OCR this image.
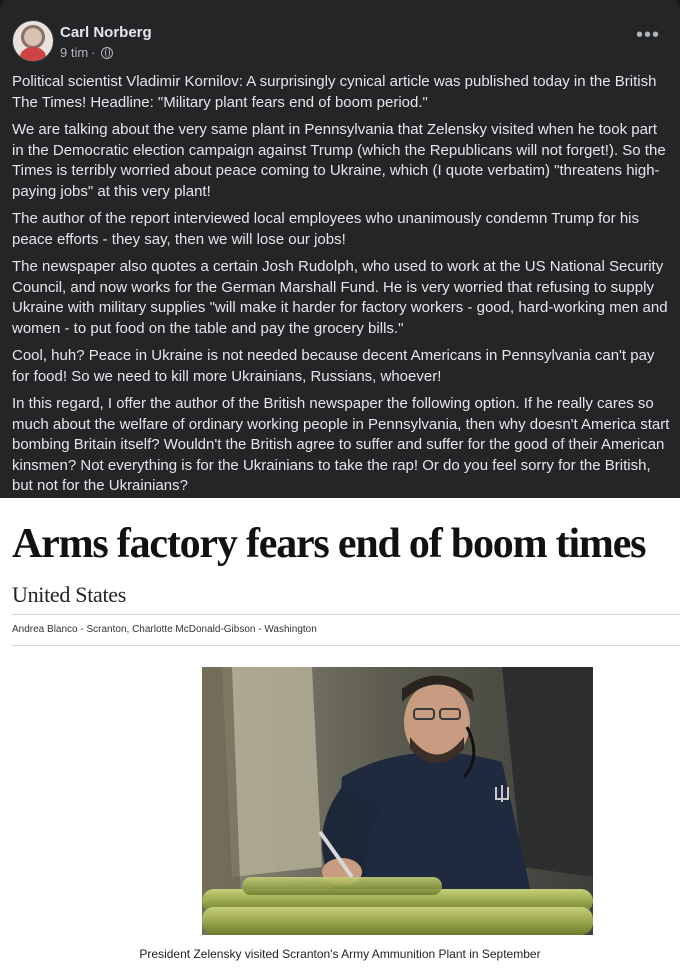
Carl Norberg
9 tim ·
•••

Political scientist Vladimir Kornilov: A surprisingly cynical article was published today in the British The Times! Headline: "Military plant fears end of boom period."

We are talking about the very same plant in Pennsylvania that Zelensky visited when he took part in the Democratic election campaign against Trump (which the Republicans will not forget!). So the Times is terribly worried about peace coming to Ukraine, which (I quote verbatim) "threatens high-paying jobs" at this very plant!

The author of the report interviewed local employees who unanimously condemn Trump for his peace efforts - they say, then we will lose our jobs!

The newspaper also quotes a certain Josh Rudolph, who used to work at the US National Security Council, and now works for the German Marshall Fund. He is very worried that refusing to supply Ukraine with military supplies "will make it harder for factory workers - good, hard-working men and women - to put food on the table and pay the grocery bills."

Cool, huh? Peace in Ukraine is not needed because decent Americans in Pennsylvania can't pay for food! So we need to kill more Ukrainians, Russians, whoever!

In this regard, I offer the author of the British newspaper the following option. If he really cares so much about the welfare of ordinary working people in Pennsylvania, then why doesn't America start bombing Britain itself? Wouldn't the British agree to suffer and suffer for the good of their American kinsmen? Not everything is for the Ukrainians to take the rap! Or do you feel sorry for the British, but not for the Ukrainians?

Arms factory fears end of boom times
United States
Andrea Blanco - Scranton, Charlotte McDonald-Gibson - Washington
President Zelensky visited Scranton's Army Ammunition Plant in September
